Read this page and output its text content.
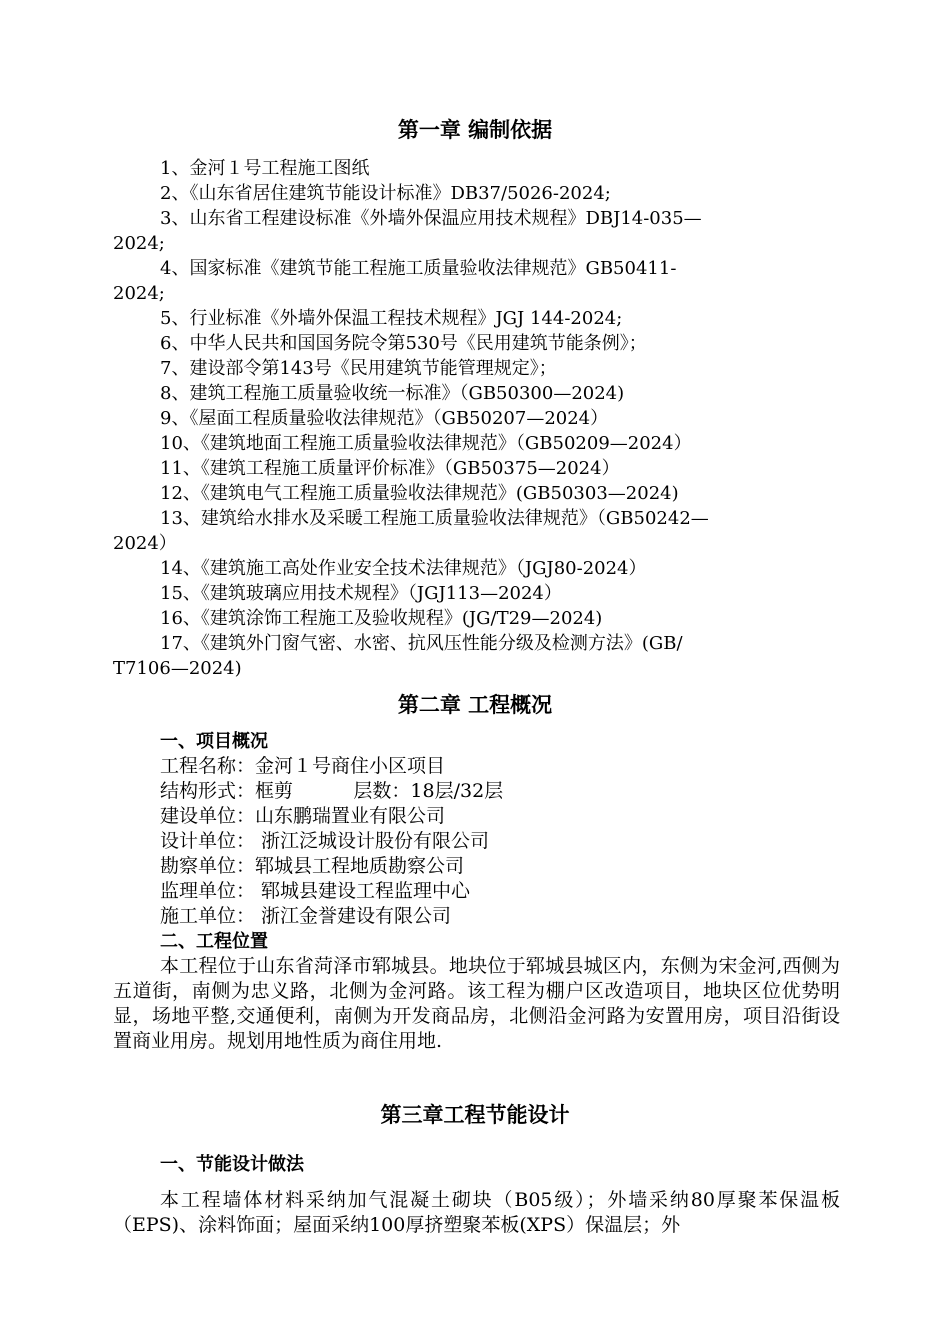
第一章 编制依据
1、金河１号工程施工图纸
2、《山东省居住建筑节能设计标准》DB37/5026-2024;
3、山东省工程建设标准《外墙外保温应用技术规程》DBJ14-035—
2024;
4、国家标准《建筑节能工程施工质量验收法律规范》GB50411-
2024;
5、行业标准《外墙外保温工程技术规程》JGJ 144-2024;
6、中华人民共和国国务院令第530号《民用建筑节能条例》；
7、建设部令第143号《民用建筑节能管理规定》；
8、建筑工程施工质量验收统一标准》（GB50300—2024)
9、《屋面工程质量验收法律规范》（GB50207—2024）
10、《建筑地面工程施工质量验收法律规范》（GB50209—2024）
11、《建筑工程施工质量评价标准》（GB50375—2024）
12、《建筑电气工程施工质量验收法律规范》(GB50303—2024)
13、建筑给水排水及采暖工程施工质量验收法律规范》（GB50242—
2024）
14、《建筑施工高处作业安全技术法律规范》（JGJ80-2024）
15、《建筑玻璃应用技术规程》（JGJ113—2024）
16、《建筑涂饰工程施工及验收规程》(JG/T29—2024)
17、《建筑外门窗气密、水密、抗风压性能分级及检测方法》(GB/
T7106—2024)
第二章 工程概况
一、项目概况
工程名称：金河１号商住小区项目
结构形式：框剪          层数：18层/32层
建设单位：山东鹏瑞置业有限公司
设计单位： 浙江泛城设计股份有限公司
勘察单位：郓城县工程地质勘察公司
监理单位： 郓城县建设工程监理中心
施工单位： 浙江金誉建设有限公司
二、工程位置
本工程位于山东省菏泽市郓城县。地块位于郓城县城区内，东侧为宋金河,西侧为五道街，南侧为忠义路，北侧为金河路。该工程为棚户区改造项目，地块区位优势明显，场地平整,交通便利，南侧为开发商品房，北侧沿金河路为安置用房，项目沿街设置商业用房。规划用地性质为商住用地.
第三章工程节能设计
一、节能设计做法
本工程墙体材料采纳加气混凝土砌块（B05级）；外墙采纳80厚聚苯保温板（EPS)、涂料饰面；屋面采纳100厚挤塑聚苯板(XPS）保温层；外
